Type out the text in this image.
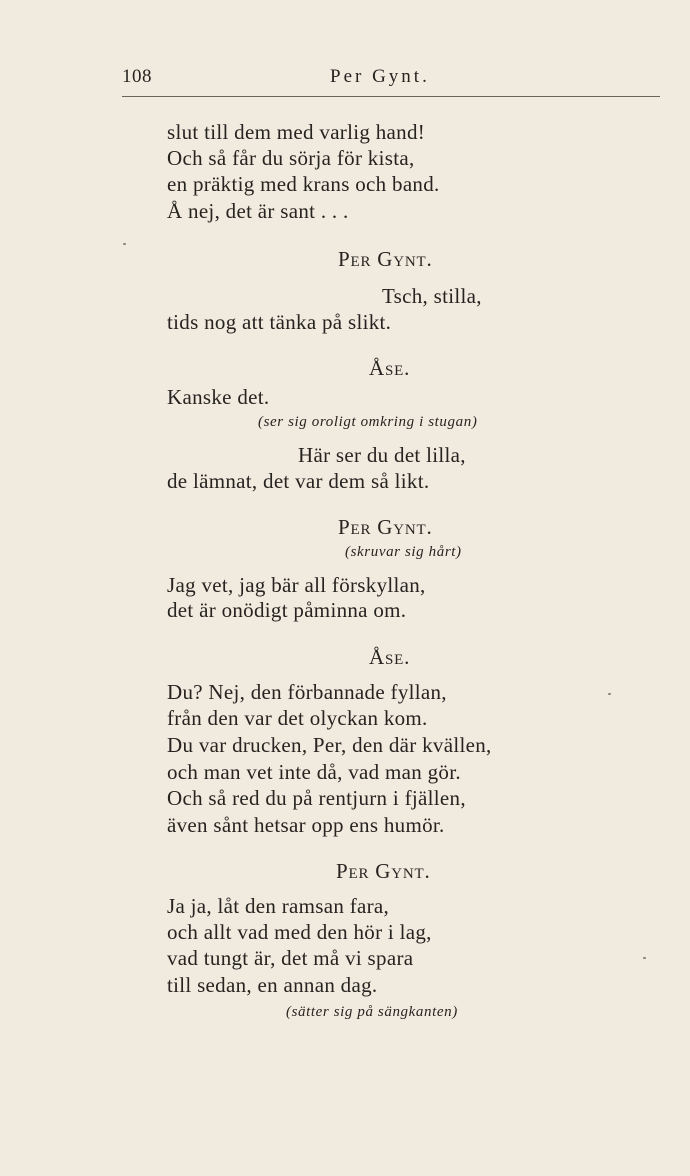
108	Per Gynt.
slut till dem med varlig hand!
Och så får du sörja för kista,
en präktig med krans och band.
Å nej, det är sant . . .
Per Gynt.
Tsch, stilla,
tids nog att tänka på slikt.
Åse.
Kanske det.
(ser sig oroligt omkring i stugan)
Här ser du det lilla,
de lämnat, det var dem så likt.
Per Gynt.
(skruvar sig hårt)
Jag vet, jag bär all förskyllan,
det är onödigt påminna om.
Åse.
Du? Nej, den förbannade fyllan,
från den var det olyckan kom.
Du var drucken, Per, den där kvällen,
och man vet inte då, vad man gör.
Och så red du på rentjurn i fjällen,
även sånt hetsar opp ens humör.
Per Gynt.
Ja ja, låt den ramsan fara,
och allt vad med den hör i lag,
vad tungt är, det må vi spara
till sedan, en annan dag.
(sätter sig på sängkanten)
